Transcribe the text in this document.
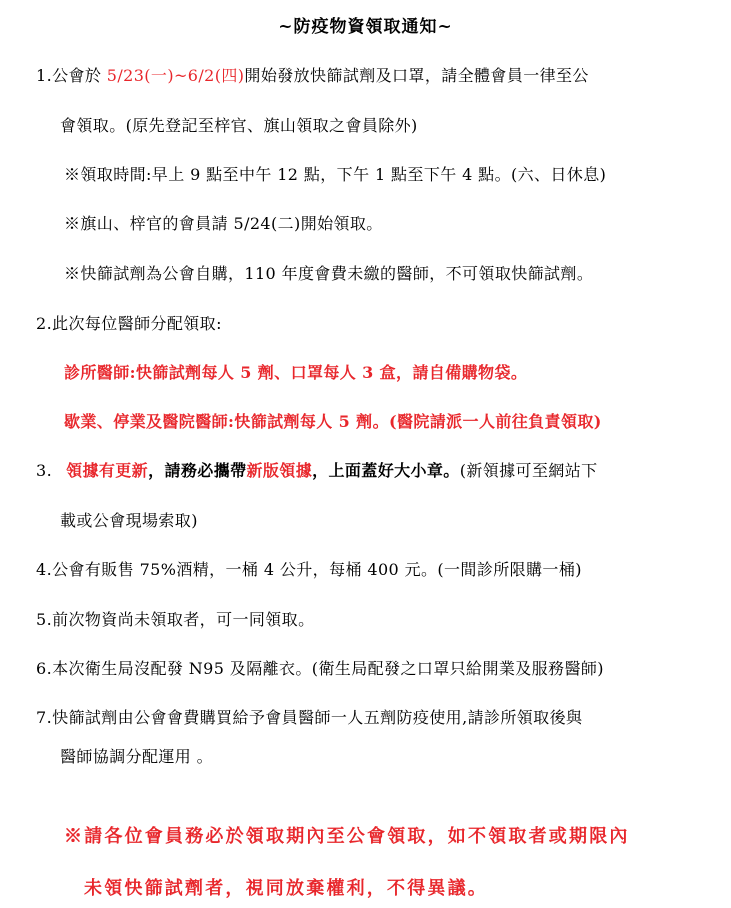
~防疫物資領取通知~
1.公會於 5/23(一)~6/2(四)開始發放快篩試劑及口罩，請全體會員一律至公
會領取。(原先登記至梓官、旗山領取之會員除外)
※領取時間:早上 9 點至中午 12 點，下午 1 點至下午 4 點。(六、日休息)
※旗山、梓官的會員請 5/24(二)開始領取。
※快篩試劑為公會自購，110 年度會費未繳的醫師，不可領取快篩試劑。
2.此次每位醫師分配領取:
診所醫師:快篩試劑每人 5 劑、口罩每人 3 盒，請自備購物袋。
歇業、停業及醫院醫師:快篩試劑每人 5 劑。(醫院請派一人前往負責領取)
3. 領據有更新，請務必攜帶新版領據，上面蓋好大小章。(新領據可至網站下
載或公會現場索取)
4.公會有販售 75%酒精，一桶 4 公升，每桶 400 元。(一間診所限購一桶)
5.前次物資尚未領取者，可一同領取。
6.本次衛生局沒配發 N95 及隔離衣。(衛生局配發之口罩只給開業及服務醫師)
7.快篩試劑由公會會費購買給予會員醫師一人五劑防疫使用,請診所領取後與
醫師協調分配運用 。
※請各位會員務必於領取期內至公會領取，如不領取者或期限內
未領快篩試劑者，視同放棄權利，不得異議。
